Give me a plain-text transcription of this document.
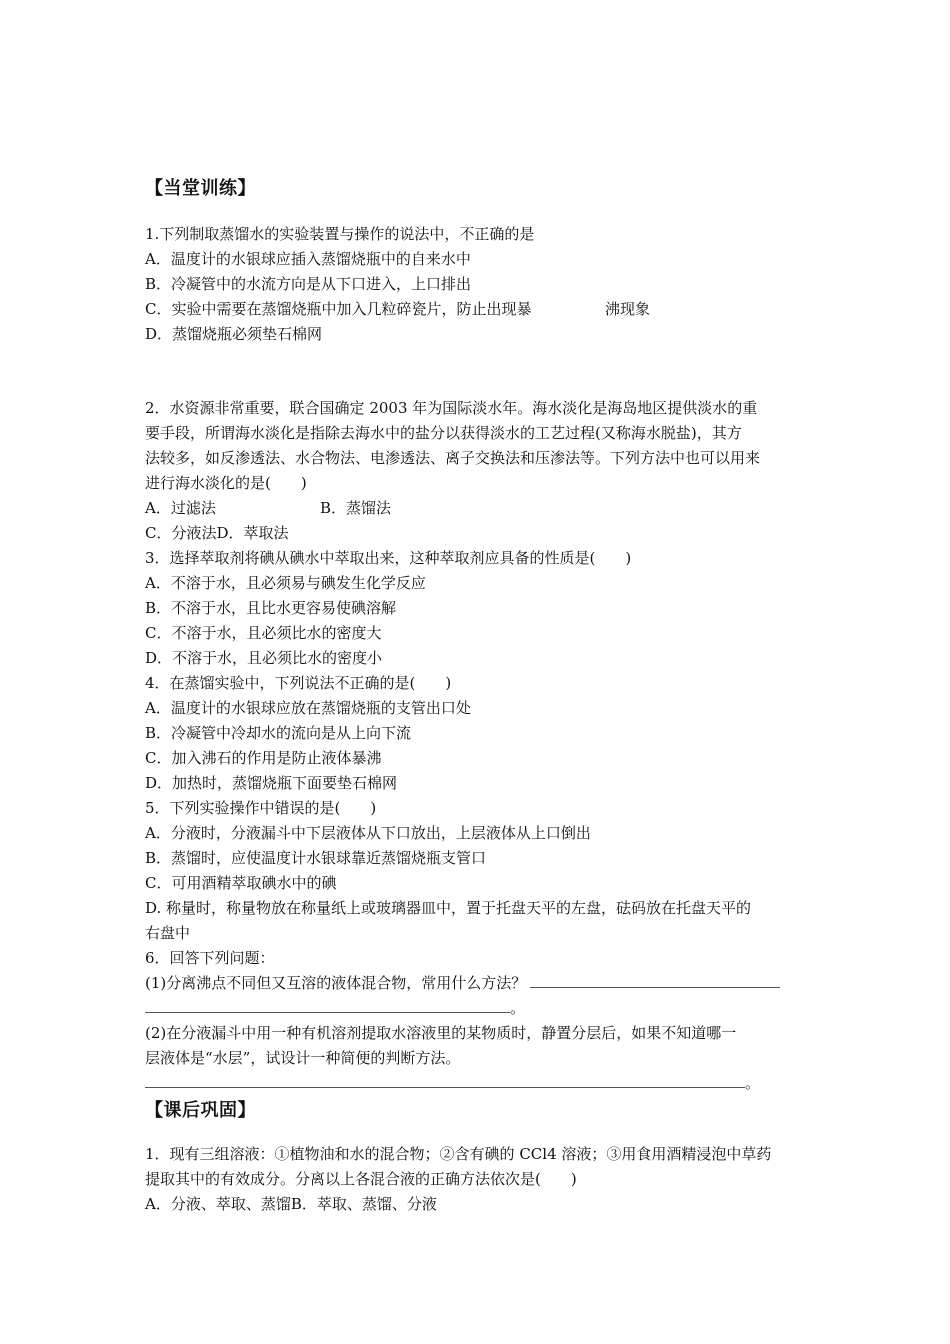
【当堂训练】
1.下列制取蒸馏水的实验装置与操作的说法中，不正确的是
A．温度计的水银球应插入蒸馏烧瓶中的自来水中
B．冷凝管中的水流方向是从下口进入，上口排出
C．实验中需要在蒸馏烧瓶中加入几粒碎瓷片，防止出现暴	沸现象
D．蒸馏烧瓶必须垫石棉网
2．水资源非常重要，联合国确定 2003 年为国际淡水年。海水淡化是海岛地区提供淡水的重
要手段，所谓海水淡化是指除去海水中的盐分以获得淡水的工艺过程(又称海水脱盐)，其方
法较多，如反渗透法、水合物法、电渗透法、离子交换法和压渗法等。下列方法中也可以用来
进行海水淡化的是(　　)
A．过滤法	B．蒸馏法
C．分液法D．萃取法
3．选择萃取剂将碘从碘水中萃取出来，这种萃取剂应具备的性质是(　　)
A．不溶于水，且必须易与碘发生化学反应
B．不溶于水，且比水更容易使碘溶解
C．不溶于水，且必须比水的密度大
D．不溶于水，且必须比水的密度小
4．在蒸馏实验中，下列说法不正确的是(　　)
A．温度计的水银球应放在蒸馏烧瓶的支管出口处
B．冷凝管中冷却水的流向是从上向下流
C．加入沸石的作用是防止液体暴沸
D．加热时，蒸馏烧瓶下面要垫石棉网
5．下列实验操作中错误的是(　　)
A．分液时，分液漏斗中下层液体从下口放出，上层液体从上口倒出
B．蒸馏时，应使温度计水银球靠近蒸馏烧瓶支管口
C．可用酒精萃取碘水中的碘
D. 称量时，称量物放在称量纸上或玻璃器皿中，置于托盘天平的左盘，砝码放在托盘天平的
右盘中
6．回答下列问题：
(1)分离沸点不同但又互溶的液体混合物，常用什么方法？
。
(2)在分液漏斗中用一种有机溶剂提取水溶液里的某物质时，静置分层后，如果不知道哪一
层液体是“水层”，试设计一种简便的判断方法。
。
【课后巩固】
1．现有三组溶液：①植物油和水的混合物；②含有碘的 CCl4 溶液；③用食用酒精浸泡中草药
提取其中的有效成分。分离以上各混合液的正确方法依次是(　　)
A．分液、萃取、蒸馏B．萃取、蒸馏、分液
